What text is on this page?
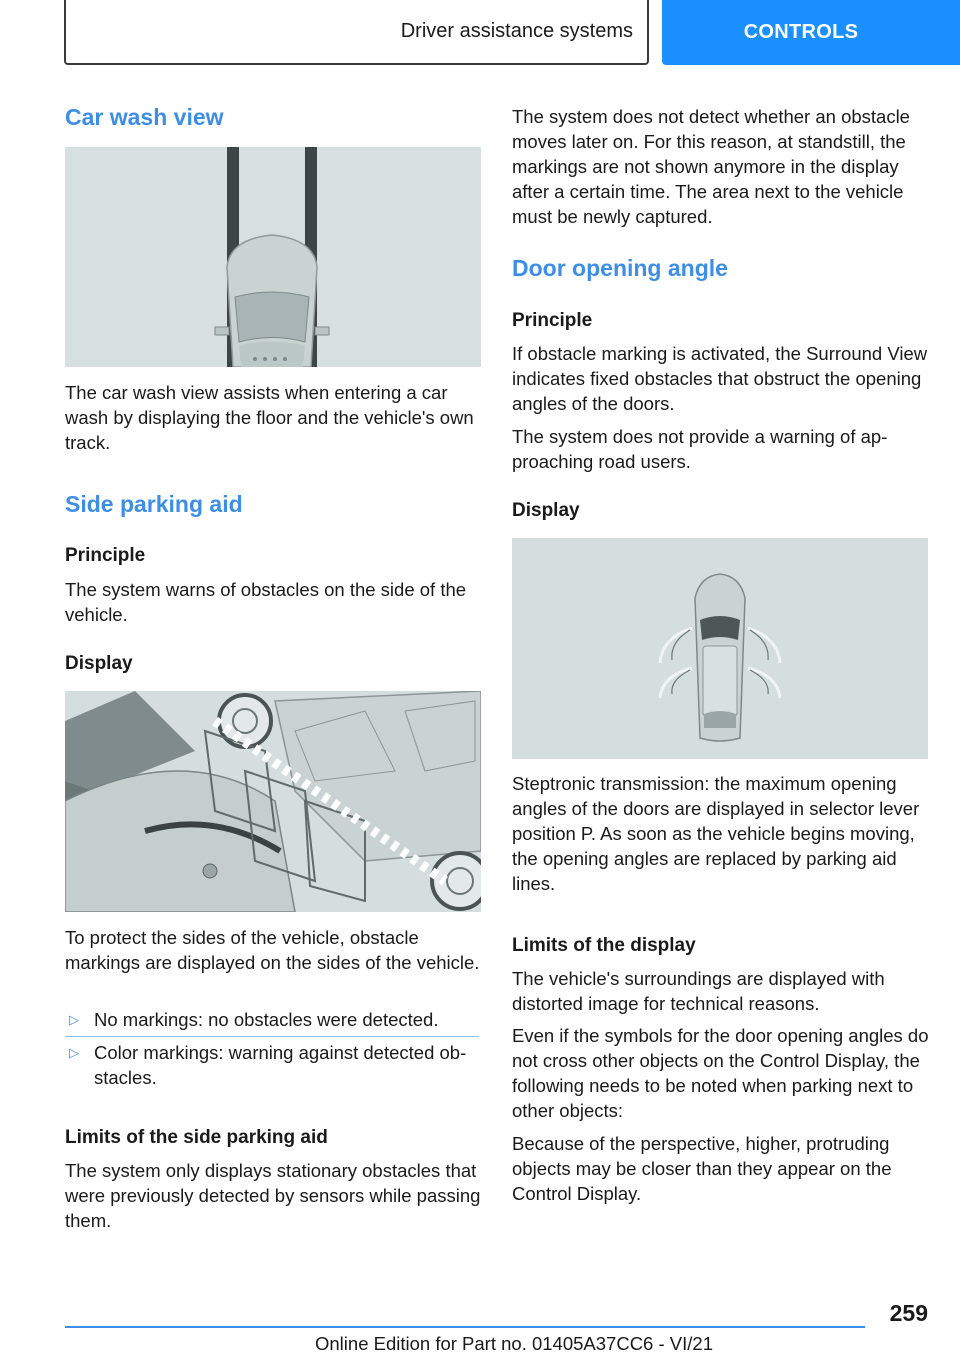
Driver assistance systems	CONTROLS
Car wash view

The car wash view assists when entering a car wash by displaying the floor and the vehicle's own track.

Side parking aid
Principle

The system warns of obstacles on the side of the vehicle.

Display

To protect the sides of the vehicle, obstacle markings are displayed on the sides of the vehicle.

▷ No markings: no obstacles were detected.
▷ Color markings: warning against detected obstacles.
Limits of the side parking aid

The system only displays stationary obstacles that were previously detected by sensors while passing them.

The system does not detect whether an obstacle moves later on. For this reason, at standstill, the markings are not shown anymore in the display after a certain time. The area next to the vehicle must be newly captured.

Door opening angle
Principle

If obstacle marking is activated, the Surround View indicates fixed obstacles that obstruct the opening angles of the doors.

The system does not provide a warning of approaching road users.

Display

Steptronic transmission: the maximum opening angles of the doors are displayed in selector lever position P. As soon as the vehicle begins moving, the opening angles are replaced by parking aid lines.

Limits of the display

The vehicle's surroundings are displayed with distorted image for technical reasons.

Even if the symbols for the door opening angles do not cross other objects on the Control Display, the following needs to be noted when parking next to other objects:

Because of the perspective, higher, protruding objects may be closer than they appear on the Control Display.

259
Online Edition for Part no. 01405A37CC6 - VI/21
